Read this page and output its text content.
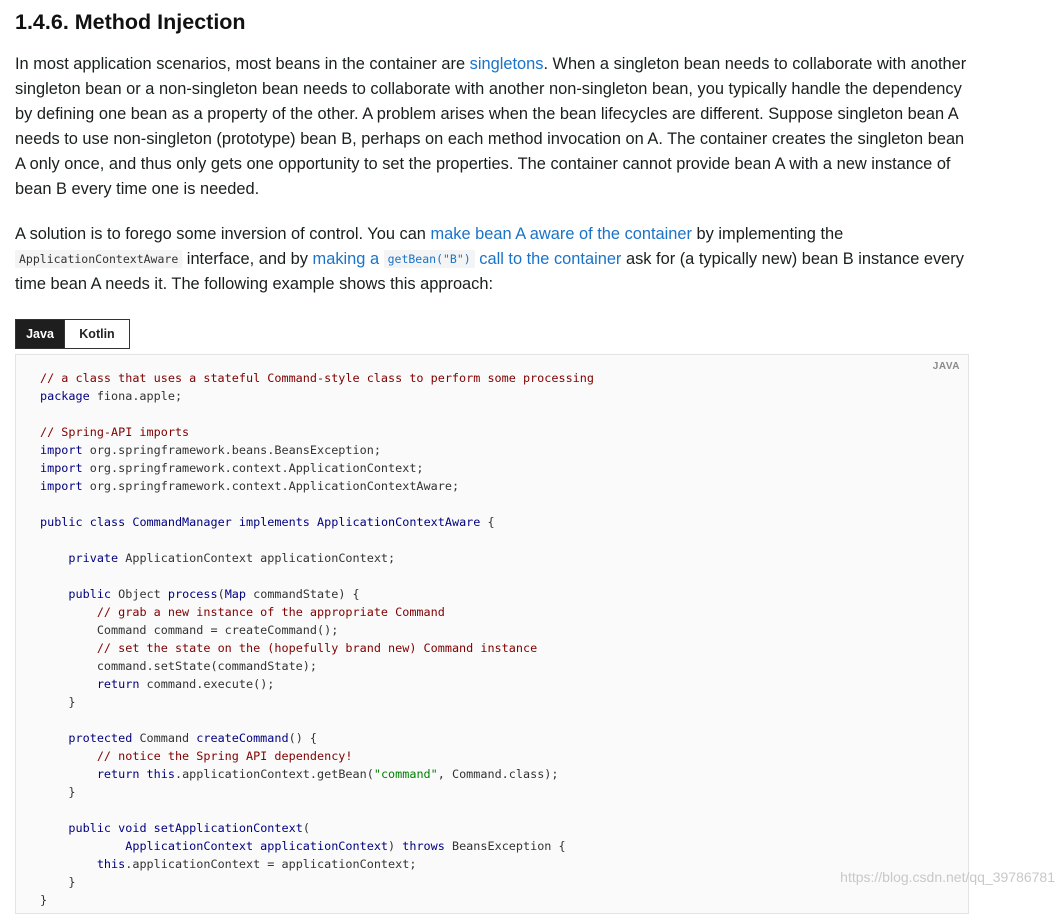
1.4.6. Method Injection

In most application scenarios, most beans in the container are singletons. When a singleton bean needs to collaborate with another singleton bean or a non-singleton bean needs to collaborate with another non-singleton bean, you typically handle the dependency by defining one bean as a property of the other. A problem arises when the bean lifecycles are different. Suppose singleton bean A needs to use non-singleton (prototype) bean B, perhaps on each method invocation on A. The container creates the singleton bean A only once, and thus only gets one opportunity to set the properties. The container cannot provide bean A with a new instance of bean B every time one is needed.

A solution is to forego some inversion of control. You can make bean A aware of the container by implementing the ApplicationContextAware interface, and by making a getBean("B") call to the container ask for (a typically new) bean B instance every time bean A needs it. The following example shows this approach:

Java	Kotlin
JAVA
// a class that uses a stateful Command-style class to perform some processing
package fiona.apple;

// Spring-API imports
import org.springframework.beans.BeansException;
import org.springframework.context.ApplicationContext;
import org.springframework.context.ApplicationContextAware;

public class CommandManager implements ApplicationContextAware {

private ApplicationContext applicationContext;

public Object process(Map commandState) {
// grab a new instance of the appropriate Command
Command command = createCommand();
// set the state on the (hopefully brand new) Command instance
command.setState(commandState);
return command.execute();
}

protected Command createCommand() {
// notice the Spring API dependency!
return this.applicationContext.getBean("command", Command.class);
}

public void setApplicationContext(
ApplicationContext applicationContext) throws BeansException {
this.applicationContext = applicationContext;
}
}
https://blog.csdn.net/qq_39786781
